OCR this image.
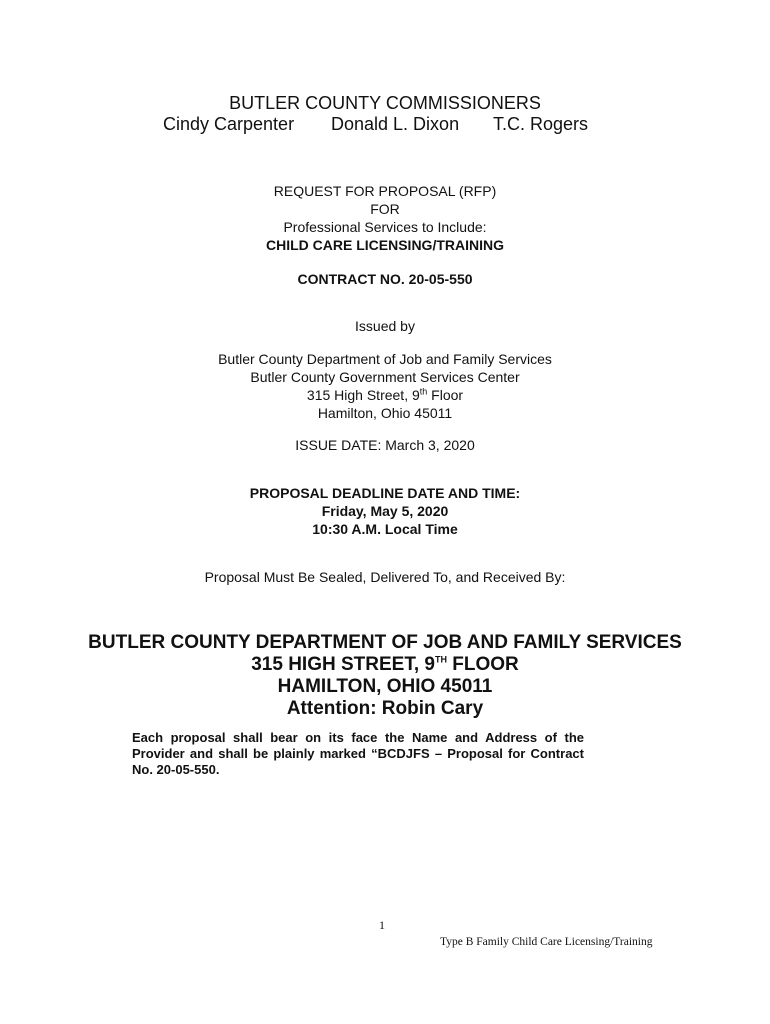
BUTLER COUNTY COMMISSIONERS
Cindy Carpenter Donald L. Dixon T.C. Rogers
REQUEST FOR PROPOSAL (RFP)
FOR
Professional Services to Include:
CHILD CARE LICENSING/TRAINING
CONTRACT NO. 20-05-550
Issued by
Butler County Department of Job and Family Services
Butler County Government Services Center
315 High Street, 9th Floor
Hamilton, Ohio 45011
ISSUE DATE: March 3, 2020
PROPOSAL DEADLINE DATE AND TIME:
Friday, May 5, 2020
10:30 A.M. Local Time
Proposal Must Be Sealed, Delivered To, and Received By:
BUTLER COUNTY DEPARTMENT OF JOB AND FAMILY SERVICES
315 HIGH STREET, 9TH FLOOR
HAMILTON, OHIO 45011
Attention: Robin Cary
Each proposal shall bear on its face the Name and Address of the Provider and shall be plainly marked “BCDJFS – Proposal for Contract No. 20-05-550.
1
Type B Family Child Care Licensing/Training
